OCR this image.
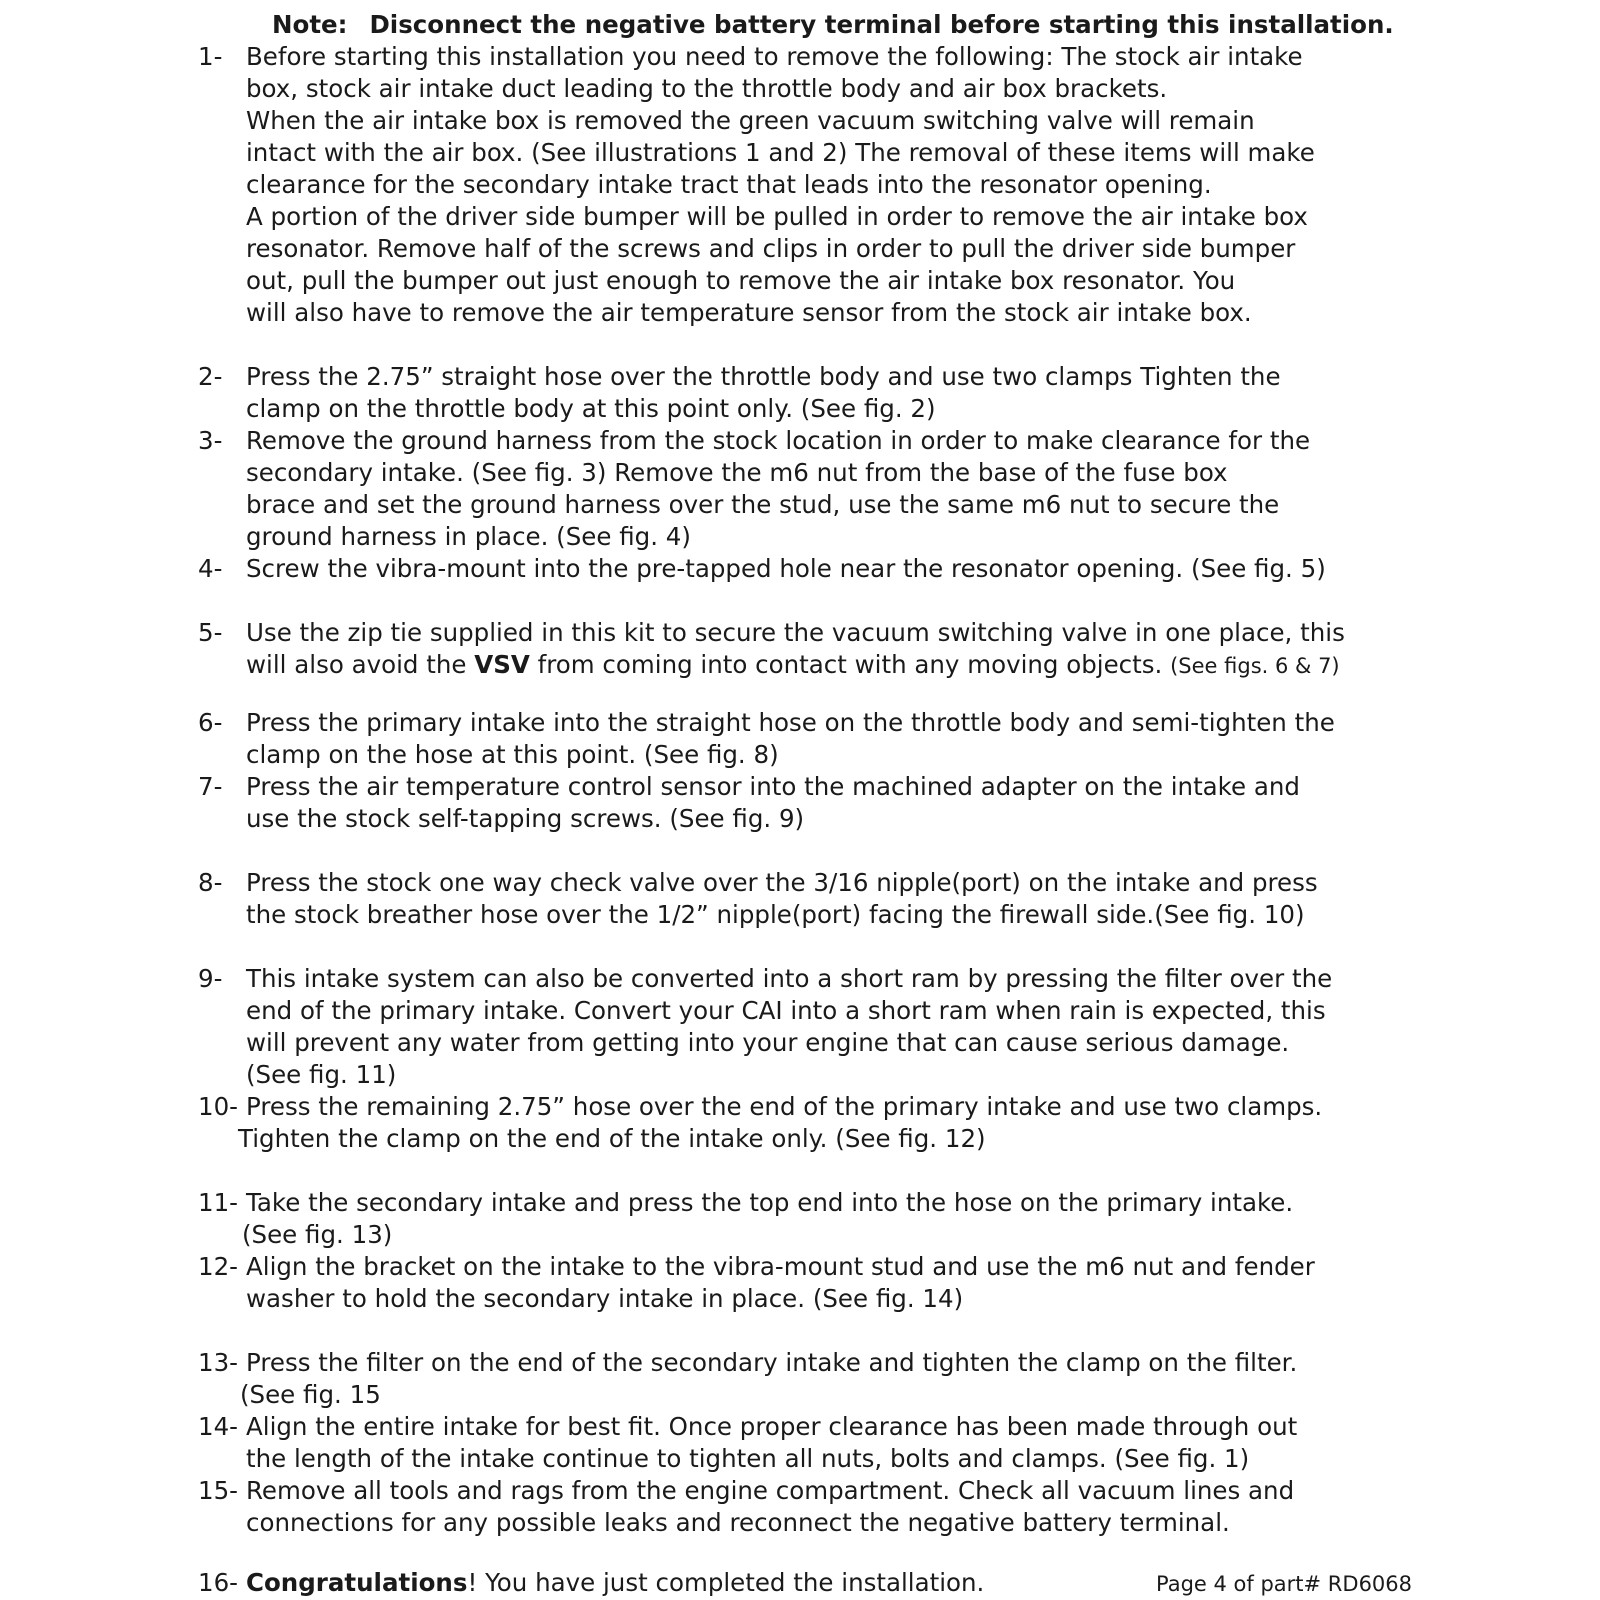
Note: Disconnect the negative battery terminal before starting this installation.
1- Before starting this installation you need to remove the following: The stock air intake
box, stock air intake duct leading to the throttle body and air box brackets.
When the air intake box is removed the green vacuum switching valve will remain
intact with the air box. (See illustrations 1 and 2) The removal of these items will make
clearance for the secondary intake tract that leads into the resonator opening.
A portion of the driver side bumper will be pulled in order to remove the air intake box
resonator. Remove half of the screws and clips in order to pull the driver side bumper
out, pull the bumper out just enough to remove the air intake box resonator. You
will also have to remove the air temperature sensor from the stock air intake box.
2- Press the 2.75” straight hose over the throttle body and use two clamps Tighten the
clamp on the throttle body at this point only. (See fig. 2)
3- Remove the ground harness from the stock location in order to make clearance for the
secondary intake. (See fig. 3) Remove the m6 nut from the base of the fuse box
brace and set the ground harness over the stud, use the same m6 nut to secure the
ground harness in place. (See fig. 4)
4- Screw the vibra-mount into the pre-tapped hole near the resonator opening. (See fig. 5)
5- Use the zip tie supplied in this kit to secure the vacuum switching valve in one place, this
will also avoid the VSV from coming into contact with any moving objects. (See figs. 6 & 7)
6- Press the primary intake into the straight hose on the throttle body and semi-tighten the
clamp on the hose at this point. (See fig. 8)
7- Press the air temperature control sensor into the machined adapter on the intake and
use the stock self-tapping screws. (See fig. 9)
8- Press the stock one way check valve over the 3/16 nipple(port) on the intake and press
the stock breather hose over the 1/2” nipple(port) facing the firewall side.(See fig. 10)
9- This intake system can also be converted into a short ram by pressing the filter over the
end of the primary intake. Convert your CAI into a short ram when rain is expected, this
will prevent any water from getting into your engine that can cause serious damage.
(See fig. 11)
10- Press the remaining 2.75” hose over the end of the primary intake and use two clamps.
Tighten the clamp on the end of the intake only. (See fig. 12)
11- Take the secondary intake and press the top end into the hose on the primary intake.
(See fig. 13)
12- Align the bracket on the intake to the vibra-mount stud and use the m6 nut and fender
washer to hold the secondary intake in place. (See fig. 14)
13- Press the filter on the end of the secondary intake and tighten the clamp on the filter.
(See fig. 15
14- Align the entire intake for best fit. Once proper clearance has been made through out
the length of the intake continue to tighten all nuts, bolts and clamps. (See fig. 1)
15- Remove all tools and rags from the engine compartment. Check all vacuum lines and
connections for any possible leaks and reconnect the negative battery terminal.
16- Congratulations! You have just completed the installation.	Page 4 of part# RD6068
